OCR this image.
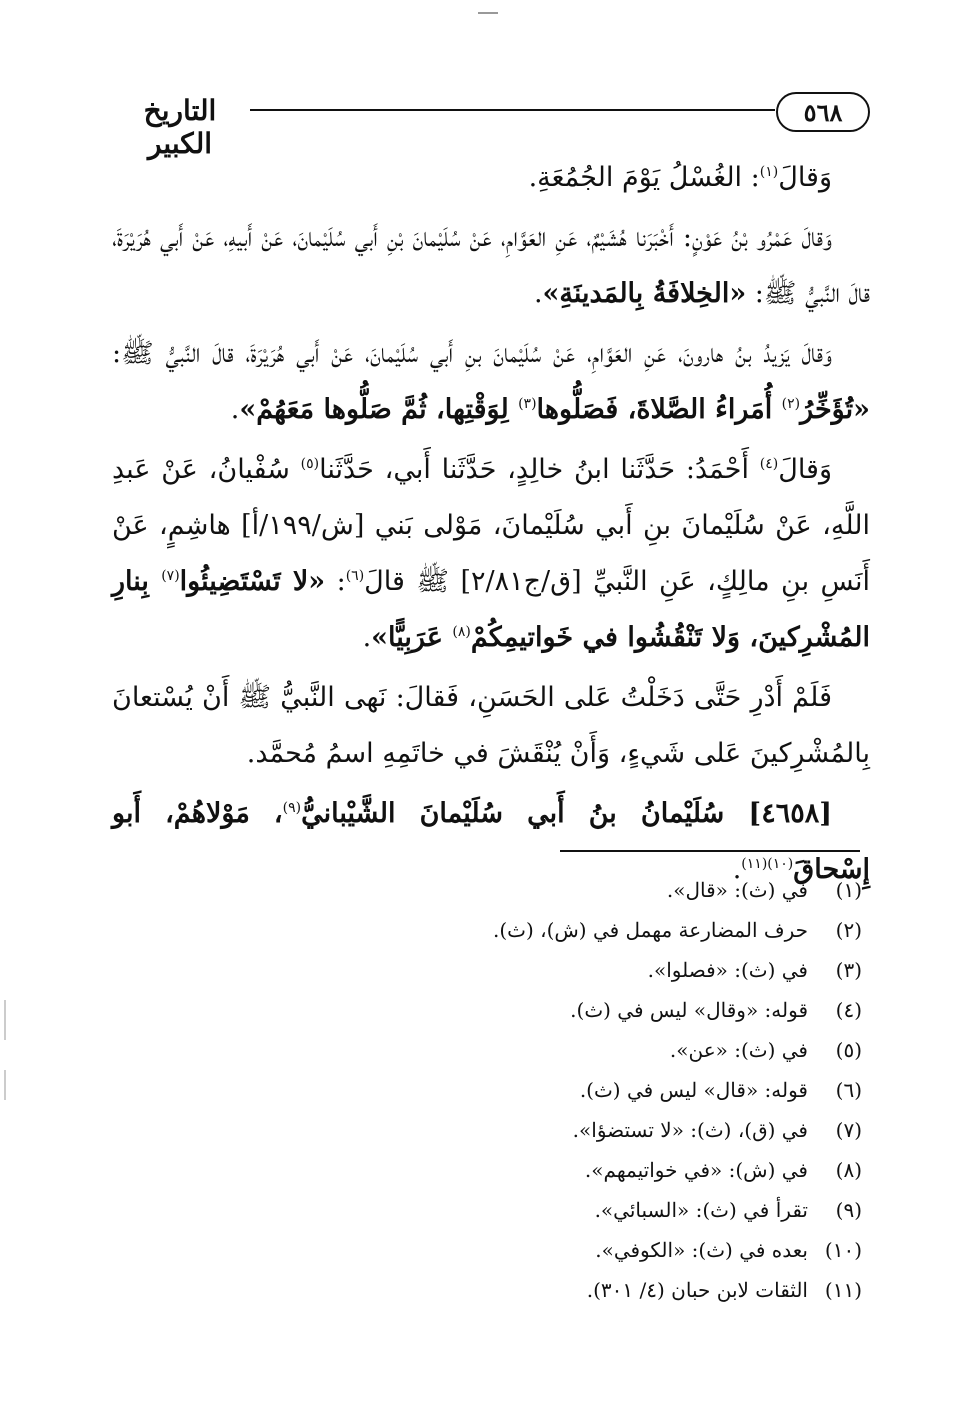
٥٦٨
التاريخ الكبير

وَقالَ$^{(١)}$: الغُسْلُ يَوْمَ الجُمُعَةِ.

وَقالَ عَمْرُو بْنُ عَوْنٍ: أَخْبَرَنا هُشَيْمٌ، عَنِ العَوَّامِ، عَنْ سُلَيْمانَ بْنِ أَبي سُلَيْمانَ، عَنْ أَبيهِ، عَنْ أَبي هُرَيْرَةَ، قالَ النَّبيُّ ﷺ: «الخِلافَةُ بِالمَدينَةِ».

وَقالَ يَزيدُ بنُ هارونَ، عَنِ العَوَّامِ، عَنْ سُلَيْمانَ بنِ أَبي سُلَيْمانَ، عَنْ أَبي هُرَيْرَةَ، قالَ النَّبيُّ ﷺ: «تُؤَخِّرُ$^{(٢)}$ أُمَراءُ الصَّلاةَ، فَصَلُّوها$^{(٣)}$ لِوَقْتِها، ثُمَّ صَلُّوها مَعَهُمْ».

وَقالَ$^{(٤)}$ أَحْمَدُ: حَدَّثَنا ابنُ خالِدٍ، حَدَّثَنا أَبي، حَدَّثَنا$^{(٥)}$ سُفْيانُ، عَنْ عَبدِ اللَّهِ، عَنْ سُلَيْمانَ بنِ أَبي سُلَيْمانَ، مَوْلى بَني [ش/١٩٩/أ] هاشِمٍ، عَنْ أَنَسِ بنِ مالِكٍ، عَنِ النَّبيِّ [ق/ج٢/٨١] ﷺ قالَ$^{(٦)}$: «لا تَسْتَضِيئُوا$^{(٧)}$ بِنارِ المُشْرِكينَ، وَلا تَنْقُشُوا في خَواتيمِكُمْ$^{(٨)}$ عَرَبِيًّا».

فَلَمْ أَدْرِ حَتَّى دَخَلْتُ عَلى الحَسَنِ، فَقالَ: نَهى النَّبيُّ ﷺ أَنْ يُسْتعانَ بِالمُشْرِكينَ عَلى شَيءٍ، وَأَنْ يُنْقَشَ في خاتَمِهِ اسمُ مُحمَّد.

[٤٦٥٨] سُلَيْمانُ بنُ أَبي سُلَيْمانَ الشَّيْبانيُّ$^{(٩)}$، مَوْلاهُمْ، أَبو إِسْحاقَ$^{(١٠)(١١)}$.

(١)
في (ث): «قال».
(٢)
حرف المضارعة مهمل في (ش)، (ث).
(٣)
في (ث): «فصلوا».
(٤)
قوله: «وقال» ليس في (ث).
(٥)
في (ث): «عن».
(٦)
قوله: «قال» ليس في (ث).
(٧)
في (ق)، (ث): «لا تستضؤا».
(٨)
في (ش): «في خواتيمهم».
(٩)
تقرأ في (ث): «السبائي».
(١٠)
بعده في (ث): «الكوفي».
(١١)
الثقات لابن حبان (٤/ ٣٠١).
